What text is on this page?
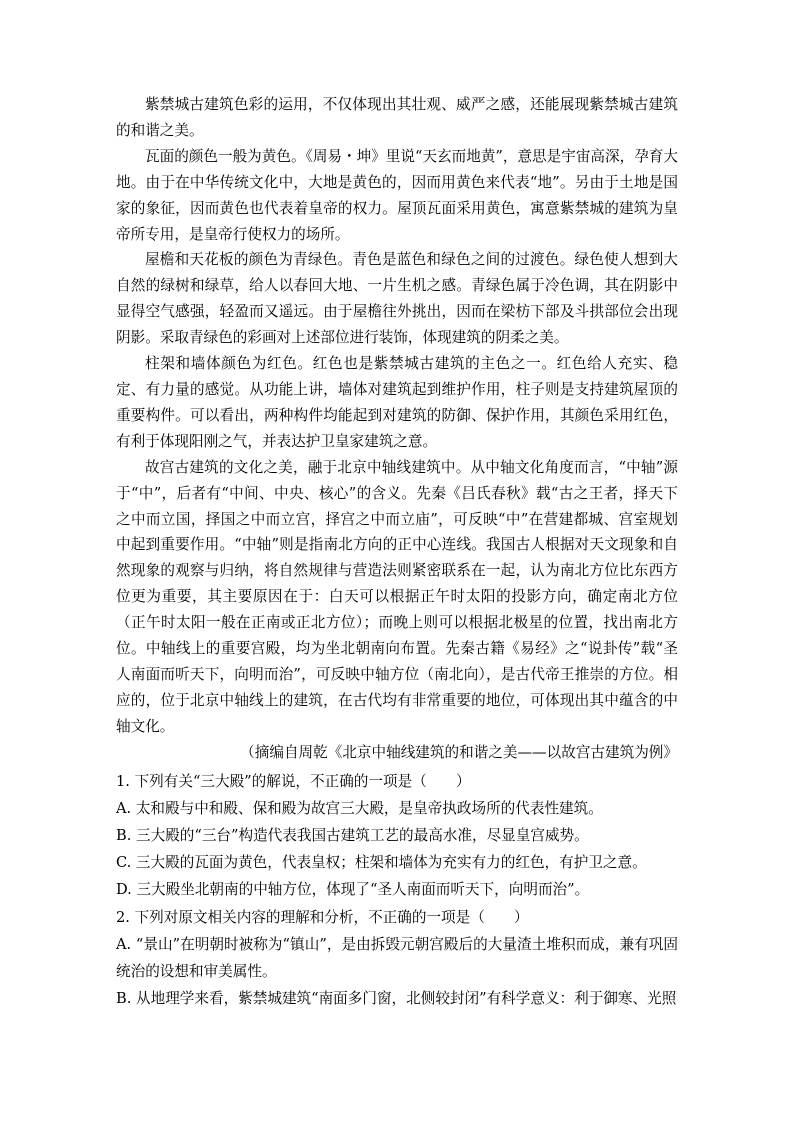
紫禁城古建筑色彩的运用，不仅体现出其壮观、威严之感，还能展现紫禁城古建筑的和谐之美。

瓦面的颜色一般为黄色。《周易・坤》里说“天玄而地黄”，意思是宇宙高深，孕育大地。由于在中华传统文化中，大地是黄色的，因而用黄色来代表“地”。另由于土地是国家的象征，因而黄色也代表着皇帝的权力。屋顶瓦面采用黄色，寓意紫禁城的建筑为皇帝所专用，是皇帝行使权力的场所。

屋檐和天花板的颜色为青绿色。青色是蓝色和绿色之间的过渡色。绿色使人想到大自然的绿树和绿草，给人以春回大地、一片生机之感。青绿色属于冷色调，其在阴影中显得空气感强，轻盈而又遥远。由于屋檐往外挑出，因而在梁枋下部及斗拱部位会出现阴影。采取青绿色的彩画对上述部位进行装饰，体现建筑的阴柔之美。

柱架和墙体颜色为红色。红色也是紫禁城古建筑的主色之一。红色给人充实、稳定、有力量的感觉。从功能上讲，墙体对建筑起到维护作用，柱子则是支持建筑屋顶的重要构件。可以看出，两种构件均能起到对建筑的防御、保护作用，其颜色采用红色，有利于体现阳刚之气，并表达护卫皇家建筑之意。

故宫古建筑的文化之美，融于北京中轴线建筑中。从中轴文化角度而言，“中轴”源于“中”，后者有“中间、中央、核心”的含义。先秦《吕氏春秋》载“古之王者，择天下之中而立国，择国之中而立宫，择宫之中而立庙”，可反映“中”在营建都城、宫室规划中起到重要作用。“中轴”则是指南北方向的正中心连线。我国古人根据对天文现象和自然现象的观察与归纳，将自然规律与营造法则紧密联系在一起，认为南北方位比东西方位更为重要，其主要原因在于：白天可以根据正午时太阳的投影方向，确定南北方位（正午时太阳一般在正南或正北方位）；而晚上则可以根据北极星的位置，找出南北方位。中轴线上的重要宫殿，均为坐北朝南向布置。先秦古籍《易经》之“说卦传”载“圣人南面而听天下，向明而治”，可反映中轴方位（南北向），是古代帝王推崇的方位。相应的，位于北京中轴线上的建筑，在古代均有非常重要的地位，可体现出其中蕴含的中轴文化。

（摘编自周乾《北京中轴线建筑的和谐之美——以故宫古建筑为例》

1. 下列有关“三大殿”的解说，不正确的一项是（　　）

A. 太和殿与中和殿、保和殿为故宫三大殿，是皇帝执政场所的代表性建筑。

B. 三大殿的“三台”构造代表我国古建筑工艺的最高水准，尽显皇宫威势。

C. 三大殿的瓦面为黄色，代表皇权；柱架和墙体为充实有力的红色，有护卫之意。

D. 三大殿坐北朝南的中轴方位，体现了“圣人南面而听天下，向明而治”。

2. 下列对原文相关内容的理解和分析，不正确的一项是（　　）

A. “景山”在明朝时被称为“镇山”，是由拆毁元朝宫殿后的大量渣土堆积而成，兼有巩固统治的设想和审美属性。

B. 从地理学来看，紫禁城建筑“南面多门窗，北侧较封闭”有科学意义：利于御寒、光照
